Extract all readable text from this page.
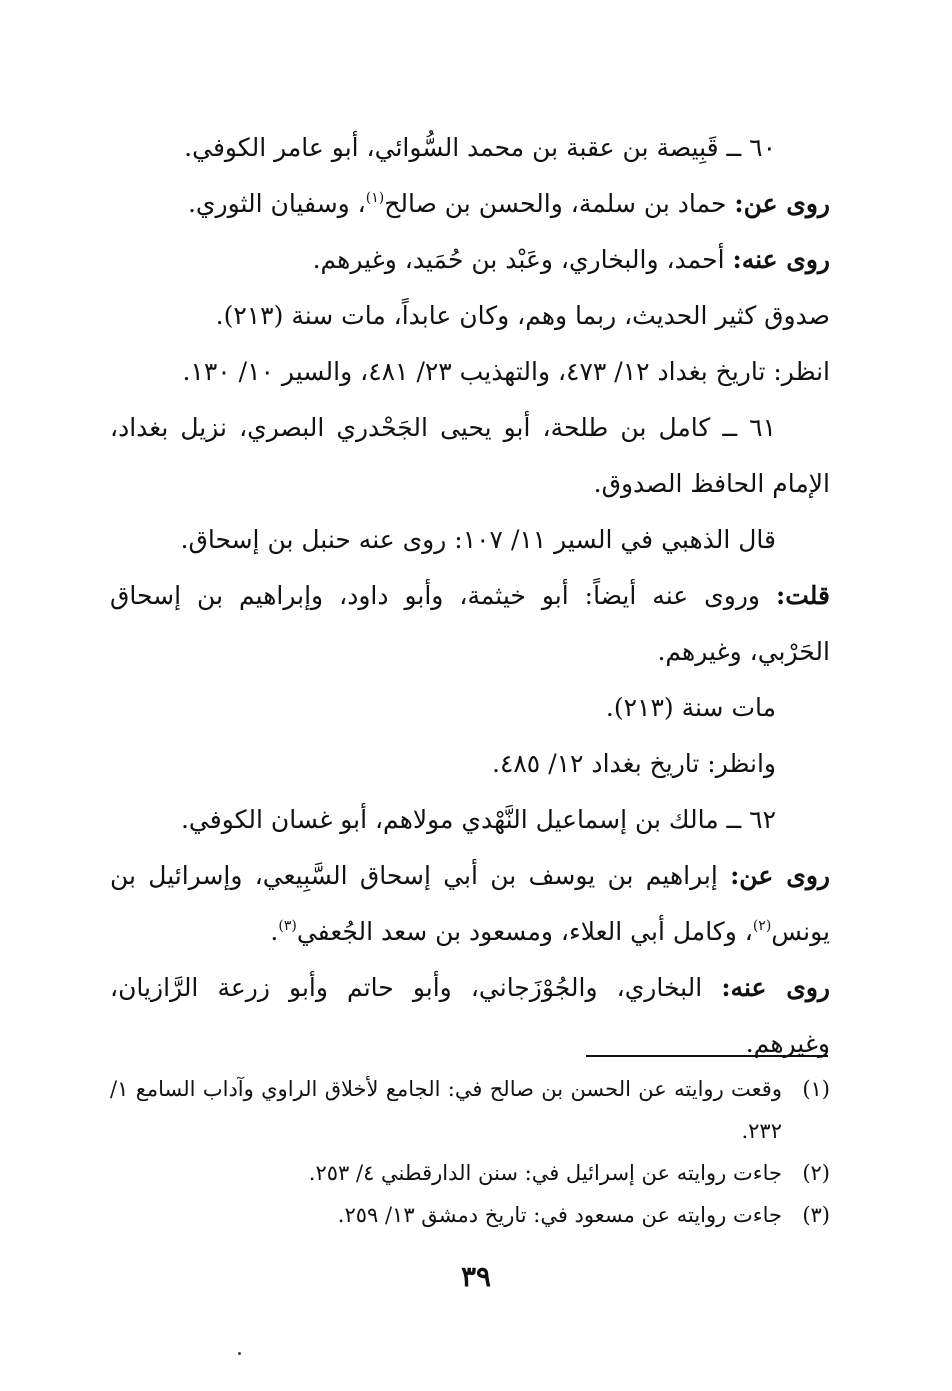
٦٠ ــ قَبِيصة بن عقبة بن محمد السُّوائي، أبو عامر الكوفي.

روى عن: حماد بن سلمة، والحسن بن صالح$^{(١)}$، وسفيان الثوري.

روى عنه: أحمد، والبخاري، وعَبْد بن حُمَيد، وغيرهم.

صدوق كثير الحديث، ربما وهم، وكان عابداً، مات سنة (٢١٣).

انظر: تاريخ بغداد ١٢/ ٤٧٣، والتهذيب ٢٣/ ٤٨١، والسير ١٠/ ١٣٠.

٦١ ــ كامل بن طلحة، أبو يحيى الجَحْدري البصري، نزيل بغداد،

الإمام الحافظ الصدوق.

قال الذهبي في السير ١١/ ١٠٧: روى عنه حنبل بن إسحاق.

قلت: وروى عنه أيضاً: أبو خيثمة، وأبو داود، وإبراهيم بن إسحاق

الحَرْبي، وغيرهم.

مات سنة (٢١٣).

وانظر: تاريخ بغداد ١٢/ ٤٨٥.

٦٢ ــ مالك بن إسماعيل النَّهْدي مولاهم، أبو غسان الكوفي.

روى عن: إبراهيم بن يوسف بن أبي إسحاق السَّبِيعي، وإسرائيل بن

يونس$^{(٢)}$، وكامل أبي العلاء، ومسعود بن سعد الجُعفي$^{(٣)}$.

روى عنه: البخاري، والجُوْزَجاني، وأبو حاتم وأبو زرعة الرَّازيان،

وغيرهم.

(١)
وقعت روايته عن الحسن بن صالح في: الجامع لأخلاق الراوي وآداب السامع ١/ ٢٣٢.
(٢)
جاءت روايته عن إسرائيل في: سنن الدارقطني ٤/ ٢٥٣.
(٣)
جاءت روايته عن مسعود في: تاريخ دمشق ١٣/ ٢٥٩.
٣٩
